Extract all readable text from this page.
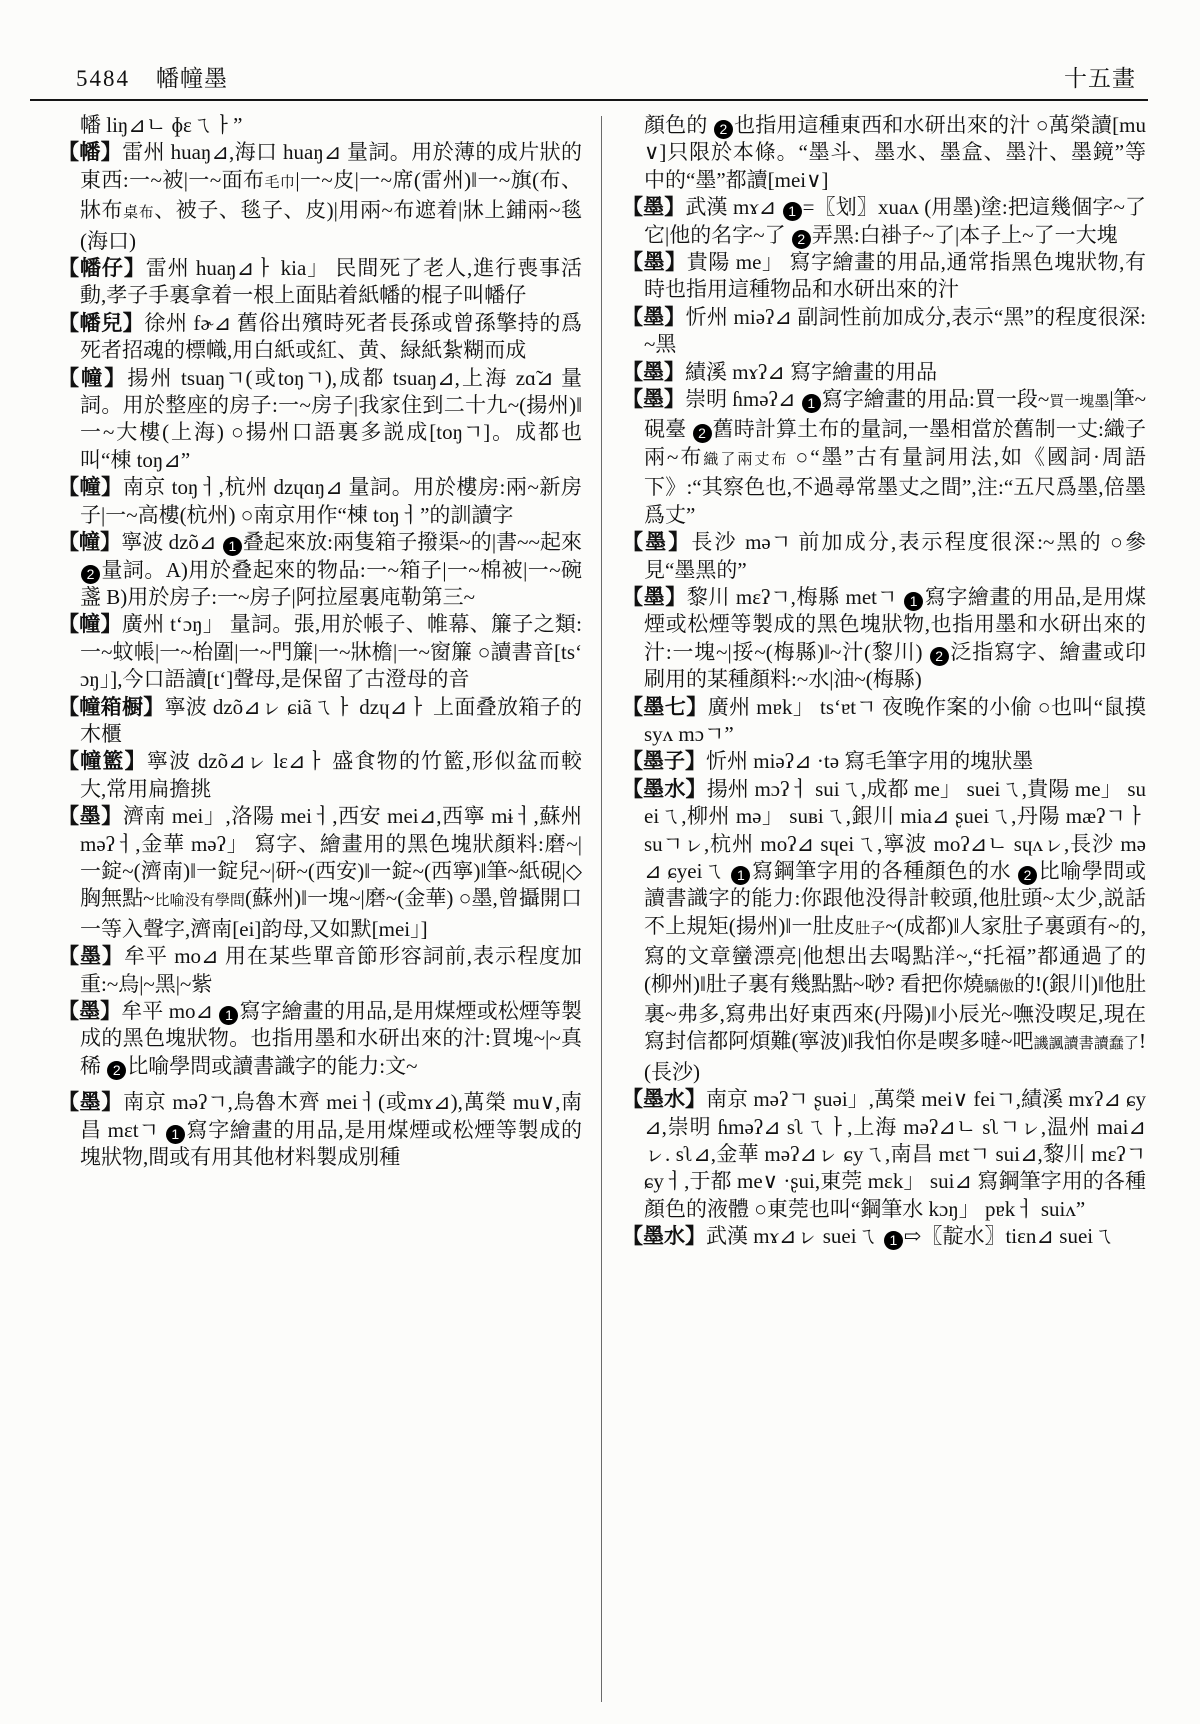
5484 幡幢墨	十五畫

幡 liŋ⊿ㄴ ɸɛㄟㅏ”

【幡】雷州 huaŋ⊿,海口 huaŋ⊿ 量詞。用於薄的成片狀的東西:一~被|一~面布毛巾|一~皮|一~席(雷州)‖一~旗(布、牀布桌布、被子、毯子、皮)|用兩~布遮着|牀上鋪兩~毯(海口)

【幡仔】雷州 huaŋ⊿ㅏ kia」 民間死了老人,進行喪事活動,孝子手裏拿着一根上面貼着紙幡的棍子叫幡仔

【幡兒】徐州 fɚ⊿ 舊俗出殯時死者長孫或曾孫擎持的爲死者招魂的標幟,用白紙或紅、黄、緑紙紮糊而成

【幢】揚州 tsuaŋㄱ(或toŋㄱ),成都 tsuaŋ⊿,上海 zɑ̃⊿ 量詞。用於整座的房子:一~房子|我家住到二十九~(揚州)‖一~大樓(上海) ○揚州口語裏多説成[toŋㄱ]。成都也叫“棟 toŋ⊿”

【幢】南京 toŋㅓ,杭州 dzɥɑŋ⊿ 量詞。用於樓房:兩~新房子|一~高樓(杭州) ○南京用作“棟 toŋㅓ”的訓讀字

【幢】寧波 dzõ⊿ 1 叠起來放:兩隻箱子撥渠~的|書~~起來 2 量詞。A)用於叠起來的物品:一~箱子|一~棉被|一~碗盞 B)用於房子:一~房子|阿拉屋裏庉勒第三~

【幢】廣州 tʻɔŋ」 量詞。張,用於帳子、帷幕、簾子之類:一~蚊帳|一~枱圍|一~門簾|一~牀檐|一~窗簾 ○讀書音[tsʻɔŋ」],今口語讀[tʻ]聲母,是保留了古澄母的音

【幢箱橱】寧波 dzõ⊿ㇾ ɕiãㄟㅏ dzɥ⊿ㅏ 上面叠放箱子的木櫃

【幢籃】寧波 dzõ⊿ㇾ lɛ⊿ㅏ 盛食物的竹籃,形似盆而較大,常用扁擔挑

【墨】濟南 mei」,洛陽 meiㅓ,西安 mei⊿,西寧 mɨㅓ,蘇州 məʔㅓ,金華 məʔ」 寫字、繪畫用的黑色塊狀顏料:磨~|一錠~(濟南)‖一錠兒~|研~(西安)‖一錠~(西寧)‖筆~紙硯|◇胸無點~比喻没有學問(蘇州)‖一塊~|磨~(金華) ○墨,曾攝開口一等入聲字,濟南[ei]韵母,又如默[mei」]

【墨】牟平 mo⊿ 用在某些單音節形容詞前,表示程度加重:~烏|~黑|~紫

【墨】牟平 mo⊿ 1 寫字繪畫的用品,是用煤煙或松煙等製成的黑色塊狀物。也指用墨和水研出來的汁:買塊~|~真稀 2 比喻學問或讀書識字的能力:文~

【墨】南京 məʔㄱ,烏魯木齊 meiㅓ(或mɤ⊿),萬榮 mu∨,南昌 mɛtㄱ 1 寫字繪畫的用品,是用煤煙或松煙等製成的塊狀物,間或有用其他材料製成別種

顏色的 2 也指用這種東西和水研出來的汁 ○萬榮讀[mu∨]只限於本條。“墨斗、墨水、墨盒、墨汁、墨鏡”等中的“墨”都讀[mei∨]

【墨】武漢 mɤ⊿ 1 =〖划〗xuaʌ (用墨)塗:把這幾個字~了它|他的名字~了 2 弄黑:白褂子~了|本子上~了一大塊

【墨】貴陽 me」 寫字繪畫的用品,通常指黑色塊狀物,有時也指用這種物品和水研出來的汁

【墨】忻州 miəʔ⊿ 副詞性前加成分,表示“黑”的程度很深:~黑

【墨】績溪 mɤʔ⊿ 寫字繪畫的用品

【墨】崇明 ɦməʔ⊿ 1 寫字繪畫的用品:買一段~買一塊墨|筆~硯臺 2 舊時計算土布的量詞,一墨相當於舊制一丈:織子兩~布織了兩丈布 ○“墨”古有量詞用法,如《國詞·周語下》:“其察色也,不過尋常墨丈之間”,注:“五尺爲墨,倍墨爲丈”

【墨】長沙 məㄱ 前加成分,表示程度很深:~黑的 ○參見“墨黑的”

【墨】黎川 mɛʔㄱ,梅縣 metㄱ 1 寫字繪畫的用品,是用煤煙或松煙等製成的黑色塊狀物,也指用墨和水研出來的汁:一塊~|挼~(梅縣)‖~汁(黎川) 2 泛指寫字、繪畫或印刷用的某種顏料:~水|油~(梅縣)

【墨七】廣州 mɐk」 tsʻɐtㄱ 夜晚作案的小偷 ○也叫“鼠摸 syʌ mɔㄱ”

【墨子】忻州 miəʔ⊿ ·tə 寫毛筆字用的塊狀墨

【墨水】揚州 mɔʔㅓ suiㄟ,成都 me」 sueiㄟ,貴陽 me」 sueiㄟ,柳州 mə」 suʙiㄟ,銀川 mia⊿ ʂueiㄟ,丹陽 mæʔㄱㅏ suㄱㇾ,杭州 moʔ⊿ sɥeiㄟ,寧波 moʔ⊿ㄴ sɥʌㇾ,長沙 mə⊿ ɕyeiㄟ 1 寫鋼筆字用的各種顏色的水 2 比喻學問或讀書識字的能力:你跟他没得計較頭,他肚頭~太少,説話不上規矩(揚州)‖一肚皮肚子~(成都)‖人家肚子裏頭有~的,寫的文章蠻漂亮|他想出去喝點洋~,“托福”都通過了的(柳州)‖肚子裏有幾點點~唦? 看把你燒驕傲的!(銀川)‖他肚裏~弗多,寫弗出好東西來(丹陽)‖小辰光~嘸没喫足,現在寫封信都阿煩難(寧波)‖我怕你是喫多噠~吧譏諷讀書讀蠢了!(長沙)

【墨水】南京 məʔㄱ ʂuəi」,萬榮 mei∨ feiㄱ,績溪 mɤʔ⊿ ɕy⊿,崇明 ɦməʔ⊿ sʅㄟㅏ,上海 məʔ⊿ㄴ sʅㄱㇾ,温州 mai⊿ㇾ. sʅ⊿,金華 məʔ⊿ㇾ ɕyㄟ,南昌 mɛtㄱ sui⊿,黎川 mɛʔㄱ ɕyㅓ,于都 me∨ ·ʂui,東莞 mɛk」 sui⊿ 寫鋼筆字用的各種顏色的液體 ○東莞也叫“鋼筆水 kɔŋ」 pɐkㅓ suiʌ”

【墨水】武漢 mɤ⊿ㇾ sueiㄟ 1 ⇨〖靛水〗tiɛn⊿ sueiㄟ
